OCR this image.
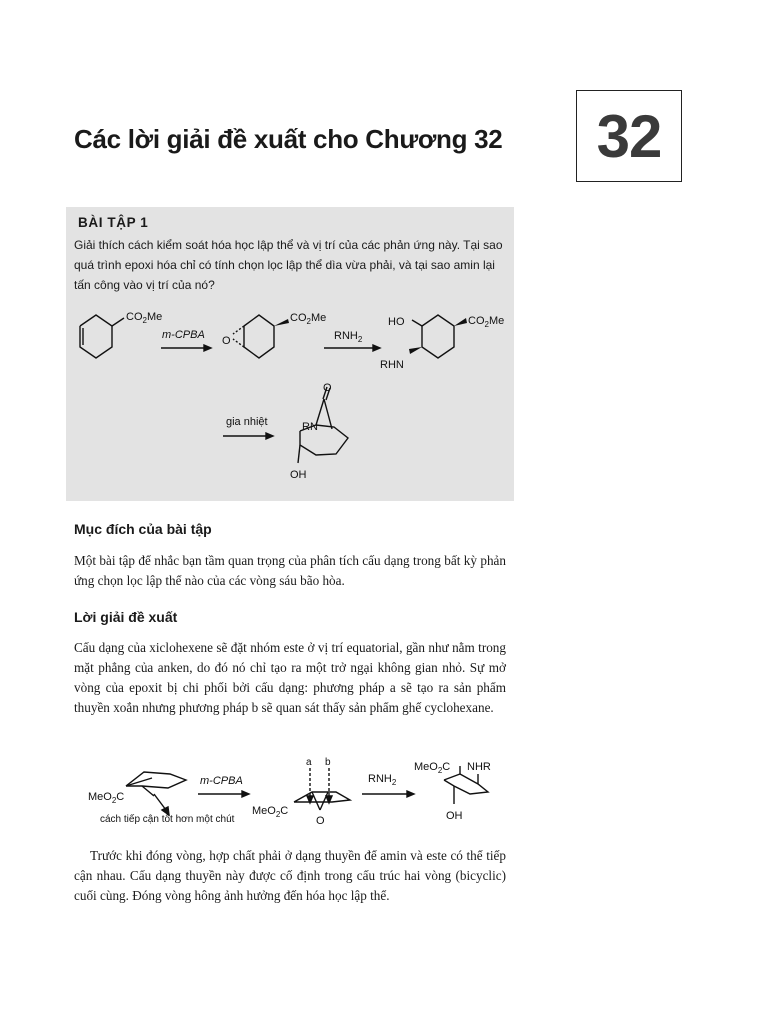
Các lời giải đề xuất cho Chương 32 32
BÀI TẬP 1
Giải thích cách kiểm soát hóa học lập thể và vị trí của các phản ứng này. Tại sao quá trình epoxi hóa chỉ có tính chọn lọc lập thể dìa vừa phải, và tại sao amin lại tấn công vào vị trí của nó?
$CO_2Me$
m-CPBA
$CO_2Me$
O	$RNH_2$
HO	$CO_2Me$
RHN
gia nhiệt
O
RN
OH
Mục đích của bài tập
Một bài tập để nhắc bạn tầm quan trọng của phân tích cấu dạng trong bất kỳ phản ứng chọn lọc lập thể nào của các vòng sáu bão hòa.
Lời giải đề xuất
Cấu dạng của xiclohexene sẽ đặt nhóm este ở vị trí equatorial, gần như nằm trong mặt phẳng của anken, do đó nó chỉ tạo ra một trở ngại không gian nhỏ. Sự mở vòng của epoxit bị chi phối bởi cấu dạng: phương pháp a sẽ tạo ra sản phẩm thuyền xoắn nhưng phương pháp b sẽ quan sát thấy sản phẩm ghế cyclohexane.
MeO$_2$C
m-CPBA
cách tiếp cận tốt hơn một chút
a b
MeO$_2$C
O
$RNH_2$
MeO$_2$C NHR
OH
Trước khi đóng vòng, hợp chất phải ở dạng thuyền để amin và este có thể tiếp cận nhau. Cấu dạng thuyền này được cố định trong cấu trúc hai vòng (bicyclic) cuối cùng. Đóng vòng hông ảnh hưởng đến hóa học lập thể.
